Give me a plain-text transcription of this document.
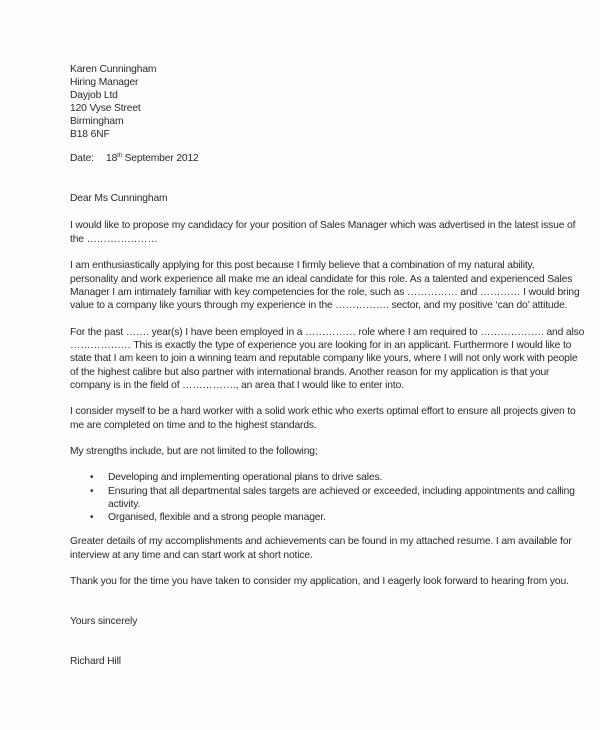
Karen Cunningham
Hiring Manager
Dayjob Ltd
120 Vyse Street
Birmingham
B18 6NF
Date: 18th September 2012
Dear Ms Cunningham
I would like to propose my candidacy for your position of Sales Manager which was advertised in the latest issue of
the …………………
I am enthusiastically applying for this post because I firmly believe that a combination of my natural ability,
personality and work experience all make me an ideal candidate for this role. As a talented and experienced Sales
Manager I am intimately familiar with key competencies for the role, such as …………… and ………… I would bring
value to a company like yours through my experience in the ……………. sector, and my positive ‘can do’ attitude.
For the past ……. year(s) I have been employed in a …………… role where I am required to ………………. and also
……………… This is exactly the type of experience you are looking for in an applicant. Furthermore I would like to
state that I am keen to join a winning team and reputable company like yours, where I will not only work with people
of the highest calibre but also partner with international brands. Another reason for my application is that your
company is in the field of ……………., an area that I would like to enter into.
I consider myself to be a hard worker with a solid work ethic who exerts optimal effort to ensure all projects given to
me are completed on time and to the highest standards.
My strengths include, but are not limited to the following;
• Developing and implementing operational plans to drive sales.
• Ensuring that all departmental sales targets are achieved or exceeded, including appointments and calling
activity.
• Organised, flexible and a strong people manager.
Greater details of my accomplishments and achievements can be found in my attached resume. I am available for
interview at any time and can start work at short notice.
Thank you for the time you have taken to consider my application, and I eagerly look forward to hearing from you.
Yours sincerely
Richard Hill
